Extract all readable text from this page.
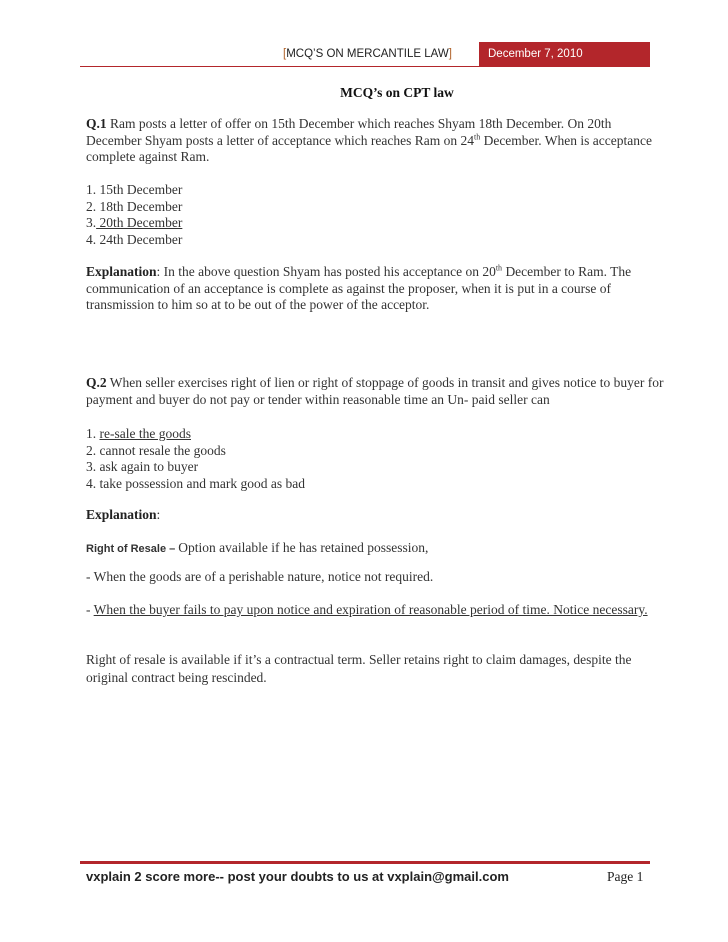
[MCQ’S ON MERCANTILE LAW]	December 7, 2010
MCQ’s on CPT law
Q.1 Ram posts a letter of offer on 15th December which reaches Shyam 18th December. On 20th December Shyam posts a letter of acceptance which reaches Ram on 24th December. When is acceptance complete against Ram.
1. 15th December
2. 18th December
3. 20th December
4. 24th December
Explanation: In the above question Shyam has posted his acceptance on 20th December to Ram. The communication of an acceptance is complete as against the proposer, when it is put in a course of transmission to him so at to be out of the power of the acceptor.
Q.2 When seller exercises right of lien or right of stoppage of goods in transit and gives notice to buyer for payment and buyer do not pay or tender within reasonable time an Un- paid seller can
1. re-sale the goods
2. cannot resale the goods
3. ask again to buyer
4. take possession and mark good as bad
Explanation:
Right of Resale – Option available if he has retained possession,
- When the goods are of a perishable nature, notice not required.
- When the buyer fails to pay upon notice and expiration of reasonable period of time. Notice necessary.
Right of resale is available if it’s a contractual term. Seller retains right to claim damages, despite the original contract being rescinded.
vxplain 2 score more-- post your doubts to us at vxplain@gmail.com	Page 1
